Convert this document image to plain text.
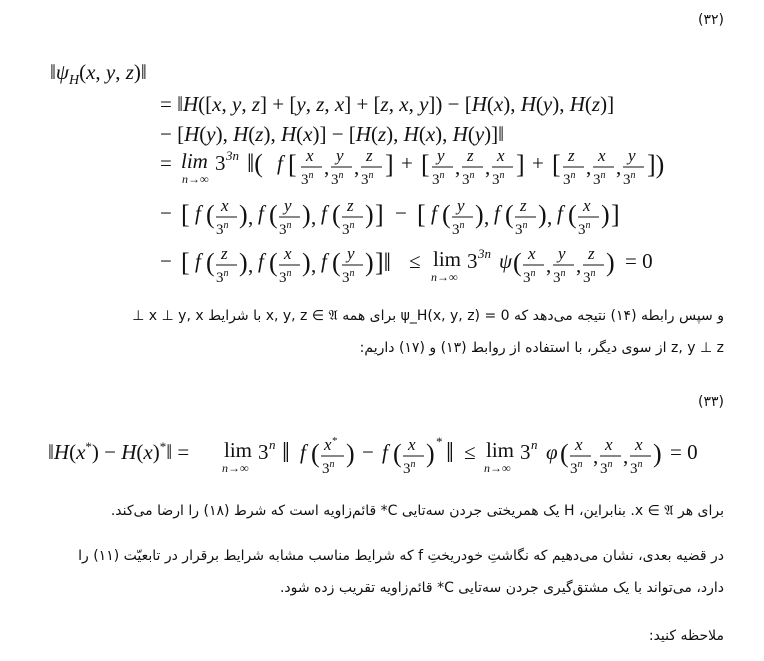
(۳۲)
$‖\psi_H(x$, y, z)‖
= ‖H([x, y, z] + [y, z, x] + [z, x, y]) − [H(x), H(y), H(z)]
− [H(y), H(z), H(x)] − [H(z), H(x), H(y)]‖
= lim
n→∞
3 3n ‖( f [ x
3$^n$ , y
3$^n$ , z
3$^n$ ] + [ y
3$^n$ , z
3$^n$ , x
3$^n$ ] + [ z
3$^n$ , x
3$^n$ , y
3$^n$ ])
− [ f ( x
3$^n$ ) , f ( y
3$^n$ ) , f ( z
3$^n$ ) ] − [ f ( y
3$^n$ ) , f ( z
3$^n$ ) , f ( x
3$^n$ ) ]
− [ f ( z
3$^n$ ) , f ( x
3$^n$ ) , f ( y
3$^n$ ) ]‖ ≤ lim
n→∞
3 3n ψ ( x
3$^n$ , y
3$^n$ , z
3$^n$ ) = 0
و سپس رابطه (۱۴) نتیجه می‌دهد که ψ_H(x, y, z) = 0 برای همه x, y, z ∈ 𝔄 با شرایط x ⊥ y, x ⊥
z, y ⊥ z از سوی دیگر، با استفاده از روابط (۱۳) و (۱۷) داریم:
(۳۳)
‖H(x*) − H(x)*‖ = lim
n→∞
3 n ‖ f ( x*
3$^n$ ) − f ( x
3$^n$ ) * ‖ ≤ lim
n→∞
3 n φ ( x
3$^n$ , x
3$^n$ , x
3$^n$ ) = 0
برای هر x ∈ 𝔄. بنابراین، H یک همریختی جردن سه‌تایی C* قائم‌زاویه است که شرط (۱۸) را ارضا می‌کند.
در قضیه بعدی، نشان می‌دهیم که نگاشتِ خودریختِ f که شرایط مناسب مشابه شرایط برقرار در تابعیّت (۱۱) را
دارد، می‌تواند با یک مشتق‌گیری جردن سه‌تایی C* قائم‌زاویه تقریب زده شود.
ملاحظه کنید:
